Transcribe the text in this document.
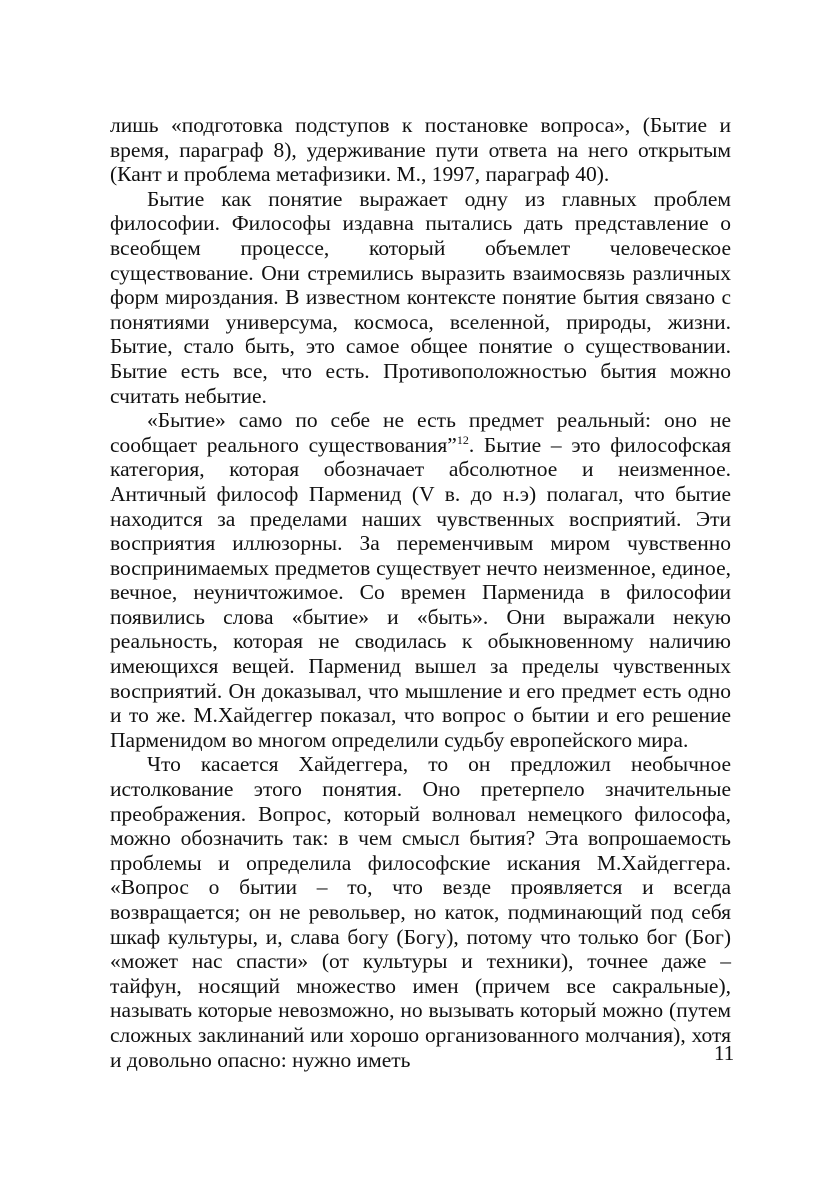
лишь «подготовка подступов к постановке вопроса», (Бытие и время, параграф 8), удерживание пути ответа на него открытым (Кант и проблема метафизики. М., 1997, параграф 40).

Бытие как понятие выражает одну из главных проблем философии. Философы издавна пытались дать представление о всеобщем процессе, который объемлет человеческое существование. Они стремились выразить взаимосвязь различных форм мироздания. В известном контексте понятие бытия связано с понятиями универсума, космоса, вселенной, природы, жизни. Бытие, стало быть, это самое общее понятие о существовании. Бытие есть все, что есть. Противоположностью бытия можно считать небытие.

«Бытие» само по себе не есть предмет реальный: оно не сообщает реального существования”$^{12}$. Бытие – это философская категория, которая обозначает абсолютное и неизменное. Античный философ Парменид (V в. до н.э) полагал, что бытие находится за пределами наших чувственных восприятий. Эти восприятия иллюзорны. За переменчивым миром чувственно воспринимаемых предметов существует нечто неизменное, единое, вечное, неуничтожимое. Со времен Парменида в философии появились слова «бытие» и «быть». Они выражали некую реальность, которая не сводилась к обыкновенному наличию имеющихся вещей. Парменид вышел за пределы чувственных восприятий. Он доказывал, что мышление и его предмет есть одно и то же. М.Хайдеггер показал, что вопрос о бытии и его решение Парменидом во многом определили судьбу европейского мира.

Что касается Хайдеггера, то он предложил необычное истолкование этого понятия. Оно претерпело значительные преображения. Вопрос, который волновал немецкого философа, можно обозначить так: в чем смысл бытия? Эта вопрошаемость проблемы и определила философские искания М.Хайдеггера. «Вопрос о бытии – то, что везде проявляется и всегда возвращается; он не револьвер, но каток, подминающий под себя шкаф культуры, и, слава богу (Богу), потому что только бог (Бог) «может нас спасти» (от культуры и техники), точнее даже – тайфун, носящий множество имен (причем все сакральные), называть которые невозможно, но вызывать который можно (путем сложных заклинаний или хорошо организованного молчания), хотя и довольно опасно: нужно иметь	11
